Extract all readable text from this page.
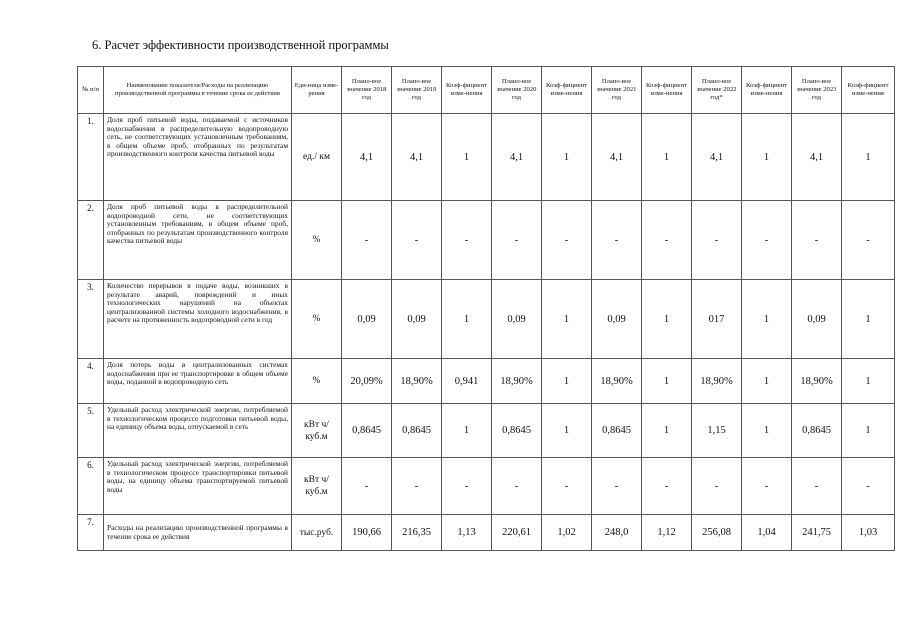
6. Расчет эффективности производственной программы
№ п/п	Наименование показателя/Расходы на реализацию производственной программы в течение срока ее действия	Еди-ница изме-рения	Плано-вое значение 2018 год	Плано-вое значение 2019 год	Коэф-фициент изме-нения	Плано-вое значение 2020 год	Коэф-фициент изме-нения	Плано-вое значение 2021 год	Коэф-фициент изме-нения	Плано-вое значение 2022 год*	Коэф-фициент изме-нения	Плано-вое значение 2023 год	Коэф-фициент изме-нения
1.	Доля проб питьевой воды, подаваемой с источников водоснабжения в распределительную водопроводную сеть, не соответствующих установленным требованиям, в общем объеме проб, отобранных по результатам производственного контроля качества питьевой воды	ед./ км	4,1	4,1	1	4,1	1	4,1	1	4,1	1	4,1	1
2.	Доля проб питьевой воды в распределительной водопроводной сети, не соответствующих установленным требованиям, в общем объеме проб, отобранных по результатам производственного контроля качества питьевой воды	%	-	-	-	-	-	-	-	-	-	-	-
3.	Количество перерывов в подаче воды, возникших в результате аварий, повреждений и иных технологических нарушений на объектах централизованной системы холодного водоснабжения, в расчете на протяженность водопроводной сети в год	%	0,09	0,09	1	0,09	1	0,09	1	017	1	0,09	1
4.	Доля потерь воды в централизованных системах водоснабжения при ее транспортировке в общем объеме воды, поданной в водопроводную сеть	%	20,09%	18,90%	0,941	18,90%	1	18,90%	1	18,90%	1	18,90%	1
5.	Удельный расход электрической энергии, потребляемой в технологическом процессе подготовки питьевой воды, на единицу объема воды, отпускаемой в сеть	кВт ч/куб.м	0,8645	0,8645	1	0,8645	1	0,8645	1	1,15	1	0,8645	1
6.	Удельный расход электрической энергии, потребляемой в технологическом процессе транспортировки питьевой воды, на единицу объема транспортируемой питьевой воды	кВт ч/куб.м	-	-	-	-	-	-	-	-	-	-	-
7.	Расходы на реализацию производственной программы в течение срока ее действия	тыс.руб.	190,66	216,35	1,13	220,61	1,02	248,0	1,12	256,08	1,04	241,75	1,03
